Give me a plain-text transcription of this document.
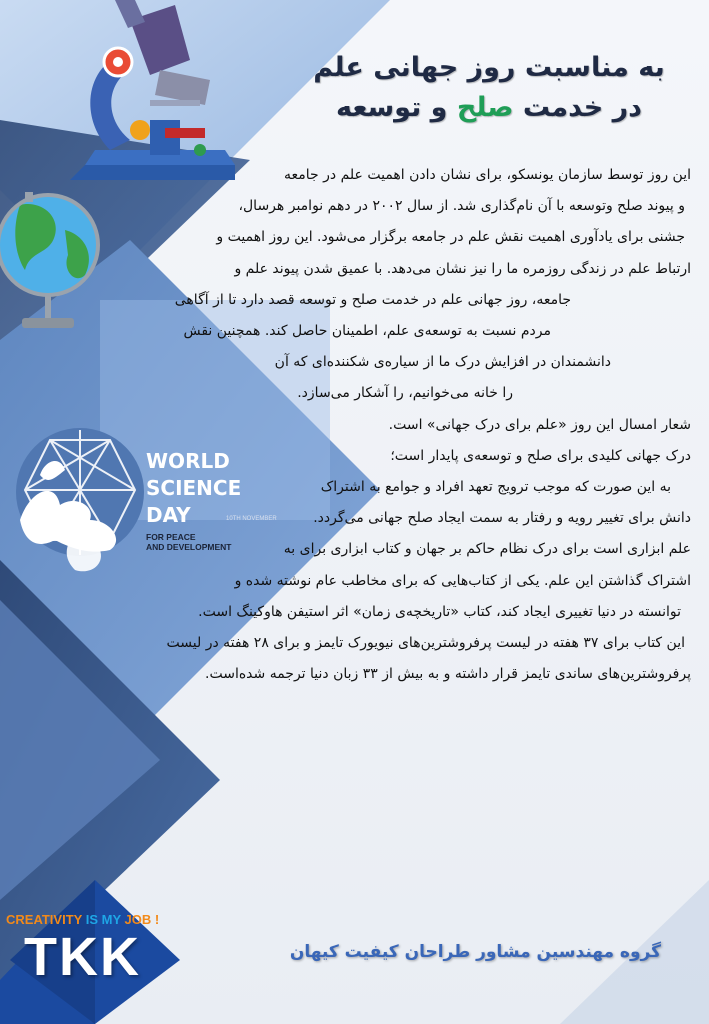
به مناسبت روز جهانی علم
در خدمت صلح و توسعه
WORLD
SCIENCE
DAY	10TH NOVEMBER
FOR PEACE
AND DEVELOPMENT

این روز توسط سازمان یونسکو، برای نشان دادن اهمیت علم در جامعه

و پیوند صلح وتوسعه با آن نام‌گذاری شد. از سال ۲۰۰۲ در دهم نوامبر هرسال،

جشنی برای یادآوری اهمیت نقش علم در جامعه برگزار می‌شود. این روز اهمیت و

ارتباط علم در زندگی روزمره ما را نیز نشان می‌دهد. با عمیق شدن پیوند علم و

جامعه، روز جهانی علم در خدمت صلح و توسعه قصد دارد تا از آگاهی

مردم نسبت به توسعه‌ی علم، اطمینان حاصل کند. همچنین نقش

دانشمندان در افزایش درک ما از سیاره‌ی شکننده‌ای که آن

را خانه می‌خوانیم، را آشکار می‌سازد.

شعار امسال این روز «علم برای درک جهانی» است.

درک جهانی کلیدی برای صلح و توسعه‌ی پایدار است؛

به این صورت که موجب ترویج تعهد افراد و جوامع به اشتراک

دانش برای تغییر رویه و رفتار به سمت ایجاد صلح جهانی می‌گردد.

علم ابزاری است برای درک نظام حاکم بر جهان و کتاب ابزاری برای به

اشتراک گذاشتن این علم. یکی از کتاب‌هایی که برای مخاطب عام نوشته شده و

توانسته در دنیا تغییری ایجاد کند، کتاب «تاریخچه‌ی زمان» اثر استیفن هاوکینگ است.

این کتاب برای ۳۷ هفته در لیست پرفروشترین‌های نیویورک تایمز و برای ۲۸ هفته در لیست

پرفروشترین‌های ساندی تایمز قرار داشته و به بیش از ۳۳ زبان دنیا ترجمه شده‌است.

CREATIVITY IS MY JOB !
TKK	گروه مهندسین مشاور طراحان کیفیت کیهان
